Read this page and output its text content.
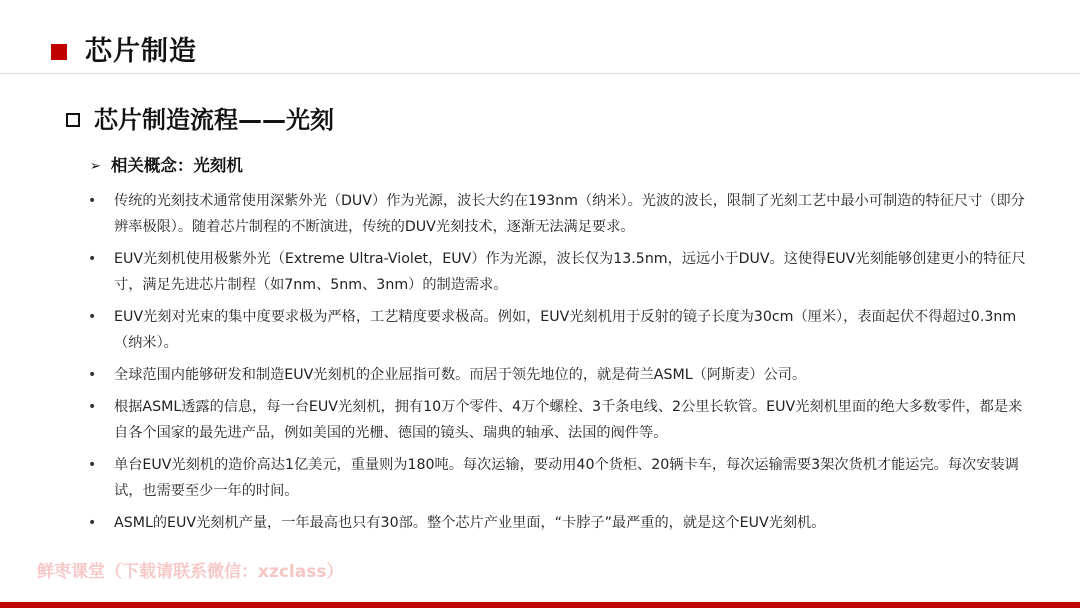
芯片制造
芯片制造流程——光刻
➢ 相关概念：光刻机
•	传统的光刻技术通常使用深紫外光（DUV）作为光源，波长大约在193nm（纳米）。光波的波长，限制了光刻工艺中最小可制造的特征尺寸（即分辨率极限）。随着芯片制程的不断演进，传统的DUV光刻技术，逐渐无法满足要求。
•	EUV光刻机使用极紫外光（Extreme Ultra-Violet，EUV）作为光源，波长仅为13.5nm，远远小于DUV。这使得EUV光刻能够创建更小的特征尺寸，满足先进芯片制程（如7nm、5nm、3nm）的制造需求。
•	EUV光刻对光束的集中度要求极为严格，工艺精度要求极高。例如，EUV光刻机用于反射的镜子长度为30cm（厘米），表面起伏不得超过0.3nm（纳米）。
•	全球范围内能够研发和制造EUV光刻机的企业屈指可数。而居于领先地位的，就是荷兰ASML（阿斯麦）公司。
•	根据ASML透露的信息，每一台EUV光刻机，拥有10万个零件、4万个螺栓、3千条电线、2公里长软管。EUV光刻机里面的绝大多数零件，都是来自各个国家的最先进产品，例如美国的光栅、德国的镜头、瑞典的轴承、法国的阀件等。
•	单台EUV光刻机的造价高达1亿美元，重量则为180吨。每次运输，要动用40个货柜、20辆卡车，每次运输需要3架次货机才能运完。每次安装调试，也需要至少一年的时间。
•	ASML的EUV光刻机产量，一年最高也只有30部。整个芯片产业里面，“卡脖子”最严重的，就是这个EUV光刻机。
鲜枣课堂（下载请联系微信：xzclass）
